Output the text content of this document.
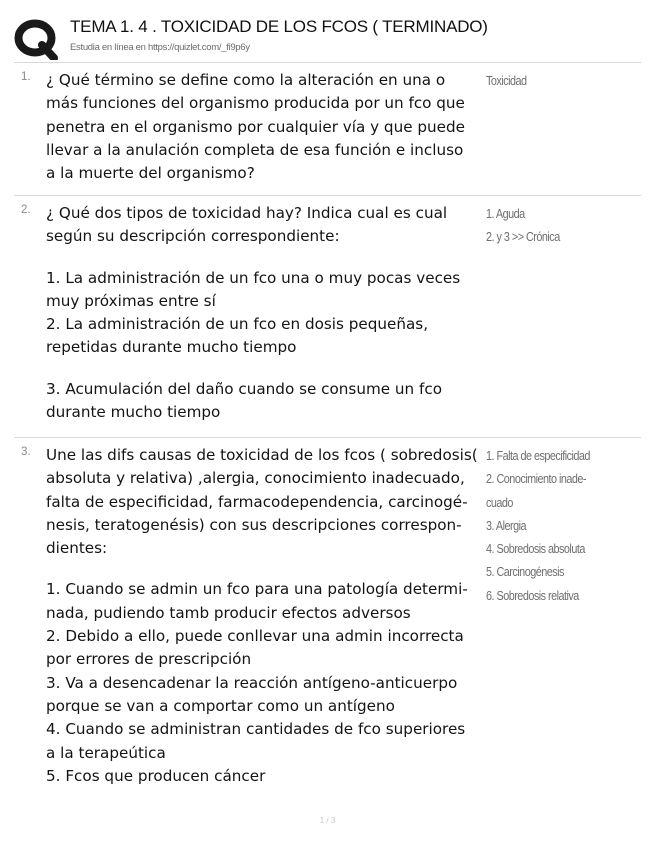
TEMA 1. 4 . TOXICIDAD DE LOS FCOS ( TERMINADO)
Estudia en línea en https://quizlet.com/_fi9p6y
1. ¿ Qué término se define como la alteración en una o

más funciones del organismo producida por un fco que

penetra en el organismo por cualquier vía y que puede

llevar a la anulación completa de esa función e incluso

a la muerte del organismo?

Toxicidad

2. ¿ Qué dos tipos de toxicidad hay? Indica cual es cual

según su descripción correspondiente:

1. La administración de un fco una o muy pocas veces

muy próximas entre sí

2. La administración de un fco en dosis pequeñas,

repetidas durante mucho tiempo

3. Acumulación del daño cuando se consume un fco

durante mucho tiempo

1. Aguda

2. y 3 >> Crónica

3. Une las difs causas de toxicidad de los fcos ( sobredosis(

absoluta y relativa) ,alergia, conocimiento inadecuado,

falta de especificidad, farmacodependencia, carcinogé-

nesis, teratogenésis) con sus descripciones correspon-

dientes:

1. Cuando se admin un fco para una patología determi-

nada, pudiendo tamb producir efectos adversos

2. Debido a ello, puede conllevar una admin incorrecta

por errores de prescripción

3. Va a desencadenar la reacción antígeno-anticuerpo

porque se van a comportar como un antígeno

4. Cuando se administran cantidades de fco superiores

a la terapeútica

5. Fcos que producen cáncer

1. Falta de especificidad

2. Conocimiento inade-

cuado

3. Alergia

4. Sobredosis absoluta

5. Carcinogénesis

6. Sobredosis relativa

1 / 3
